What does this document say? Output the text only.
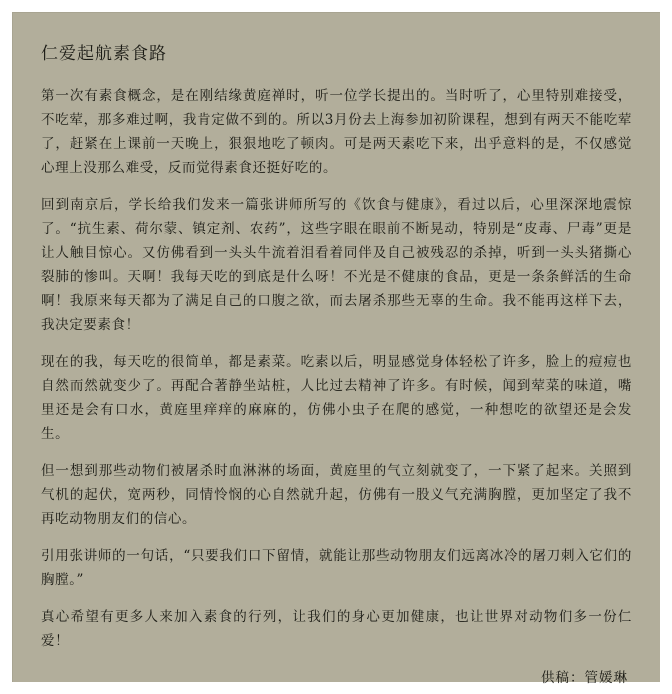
仁爱起航素食路

第一次有素食概念，是在刚结缘黄庭禅时，听一位学长提出的。当时听了，心里特别难接受，不吃荤，那多难过啊，我肯定做不到的。所以3月份去上海参加初阶课程，想到有两天不能吃荤了，赶紧在上课前一天晚上，狠狠地吃了顿肉。可是两天素吃下来，出乎意料的是，不仅感觉心理上没那么难受，反而觉得素食还挺好吃的。

回到南京后，学长给我们发来一篇张讲师所写的《饮食与健康》，看过以后，心里深深地震惊了。“抗生素、荷尔蒙、镇定剂、农药”，这些字眼在眼前不断晃动，特别是“皮毒、尸毒”更是让人触目惊心。又仿佛看到一头头牛流着泪看着同伴及自己被残忍的杀掉，听到一头头猪撕心裂肺的惨叫。天啊！我每天吃的到底是什么呀！不光是不健康的食品，更是一条条鲜活的生命啊！我原来每天都为了满足自己的口腹之欲，而去屠杀那些无辜的生命。我不能再这样下去，我决定要素食！

现在的我，每天吃的很简单，都是素菜。吃素以后，明显感觉身体轻松了许多，脸上的痘痘也自然而然就变少了。再配合著静坐站桩，人比过去精神了许多。有时候，闻到荤菜的味道，嘴里还是会有口水，黄庭里痒痒的麻麻的，仿佛小虫子在爬的感觉，一种想吃的欲望还是会发生。

但一想到那些动物们被屠杀时血淋淋的场面，黄庭里的气立刻就变了，一下紧了起来。关照到气机的起伏，宽两秒，同情怜悯的心自然就升起，仿佛有一股义气充满胸膛，更加坚定了我不再吃动物朋友们的信心。

引用张讲师的一句话，“只要我们口下留情，就能让那些动物朋友们远离冰冷的屠刀刺入它们的胸膛。”

真心希望有更多人来加入素食的行列，让我们的身心更加健康，也让世界对动物们多一份仁爱！

供稿：管媛琳
